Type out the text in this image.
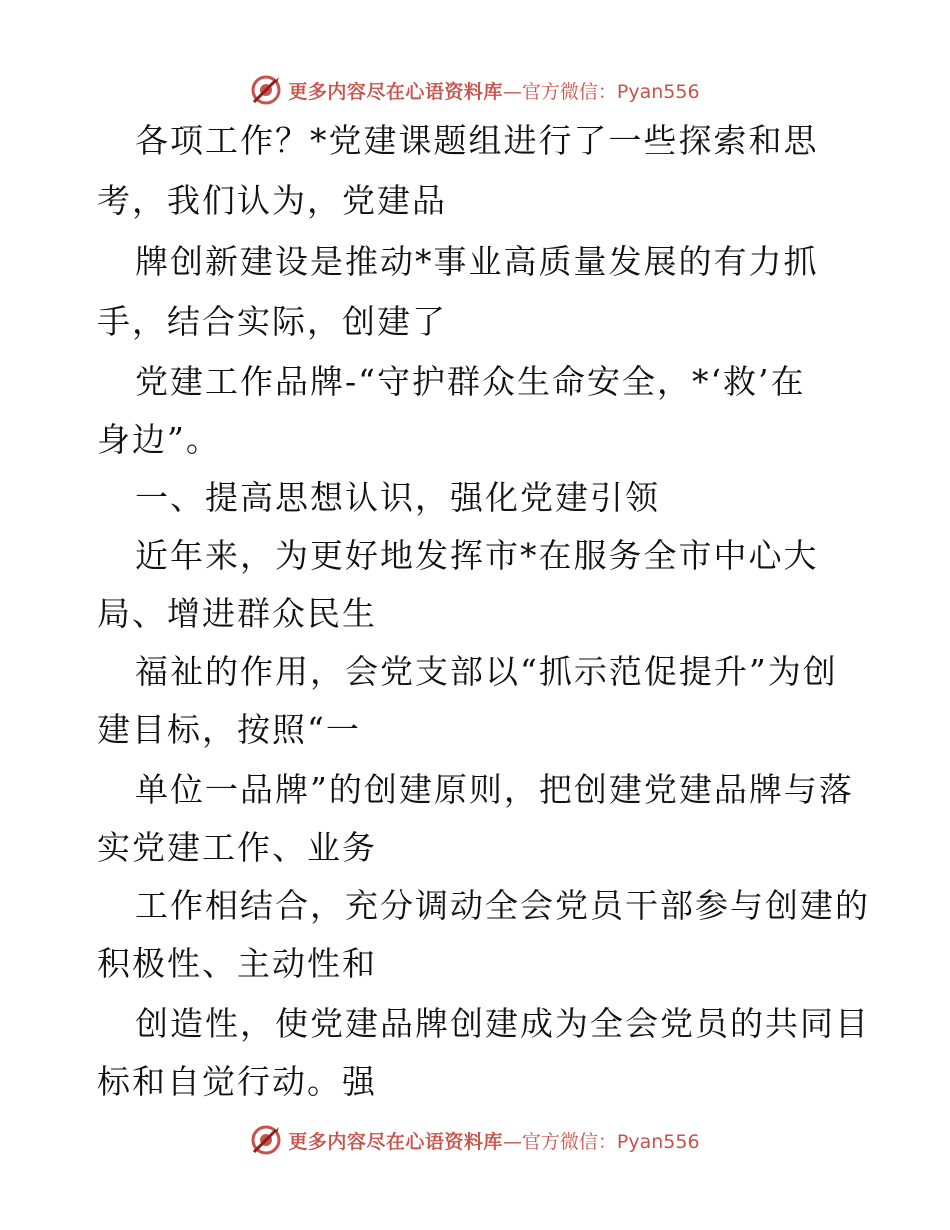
更多内容尽在心语资料库—官方微信：Pyan556
各项工作？*党建课题组进行了一些探索和思
考，我们认为，党建品
牌创新建设是推动*事业高质量发展的有力抓
手，结合实际，创建了
党建工作品牌-“守护群众生命安全，*‘救’在
身边”。
一、提高思想认识，强化党建引领
近年来，为更好地发挥市*在服务全市中心大
局、增进群众民生
福祉的作用，会党支部以“抓示范促提升”为创
建目标，按照“一
单位一品牌”的创建原则，把创建党建品牌与落
实党建工作、业务
工作相结合，充分调动全会党员干部参与创建的
积极性、主动性和
创造性，使党建品牌创建成为全会党员的共同目
标和自觉行动。强
更多内容尽在心语资料库—官方微信：Pyan556
